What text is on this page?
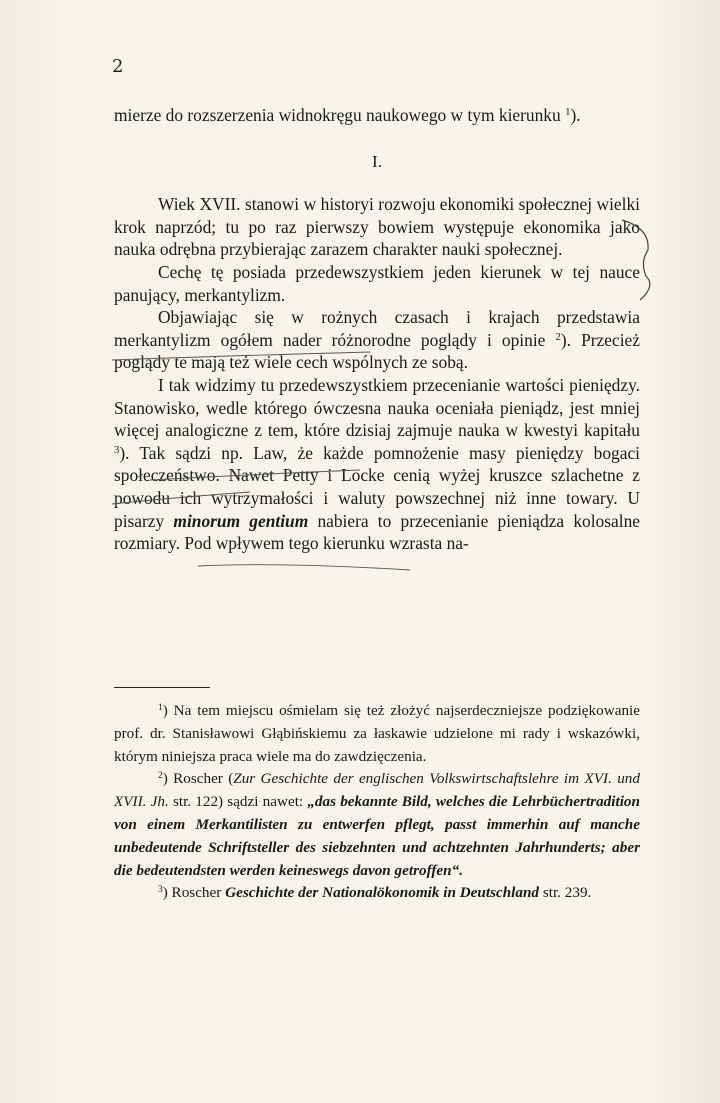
2

mierze do rozszerzenia widnokręgu naukowego w tym kierunku $^1$).

I.

Wiek XVII. stanowi w historyi rozwoju ekonomiki społecznej wielki krok naprzód; tu po raz pierwszy bowiem występuje ekonomika jako nauka odrębna przybierając zarazem charakter nauki społecznej.

Cechę tę posiada przedewszystkiem jeden kierunek w tej nauce panujący, merkantylizm.

Objawiając się w rożnych czasach i krajach przedstawia merkantylizm ogółem nader różnorodne poglądy i opinie $^2$). Przecież poglądy te mają też wiele cech wspólnych ze sobą.

I tak widzimy tu przedewszystkiem przecenianie wartości pieniędzy. Stanowisko, wedle którego ówczesna nauka oceniała pieniądz, jest mniej więcej analogiczne z tem, które dzisiaj zajmuje nauka w kwestyi kapitału $^3$). Tak sądzi np. Law, że każde pomnożenie masy pieniędzy bogaci społeczeństwo. Nawet Petty i Locke cenią wyżej kruszce szlachetne z powodu ich wytrzymałości i waluty powszechnej niż inne towary. U pisarzy minorum gentium nabiera to przecenianie pieniądza kolosalne rozmiary. Pod wpływem tego kierunku wzrasta na-

$^1$) Na tem miejscu ośmielam się też złożyć najserdeczniejsze podziękowanie prof. dr. Stanisławowi Głąbińskiemu za łaskawie udzielone mi rady i wskazówki, którym niniejsza praca wiele ma do zawdzięczenia.

$^2$) Roscher (Zur Geschichte der englischen Volkswirtschaftslehre im XVI. und XVII. Jh. str. 122) sądzi nawet: „das bekannte Bild, welches die Lehrbüchertradition von einem Merkantilisten zu entwerfen pflegt, passt immerhin auf manche unbedeutende Schriftsteller des siebzehnten und achtzehnten Jahrhunderts; aber die bedeutendsten werden keineswegs davon getroffen“.

$^3$) Roscher Geschichte der Nationalökonomik in Deutschland str. 239.
